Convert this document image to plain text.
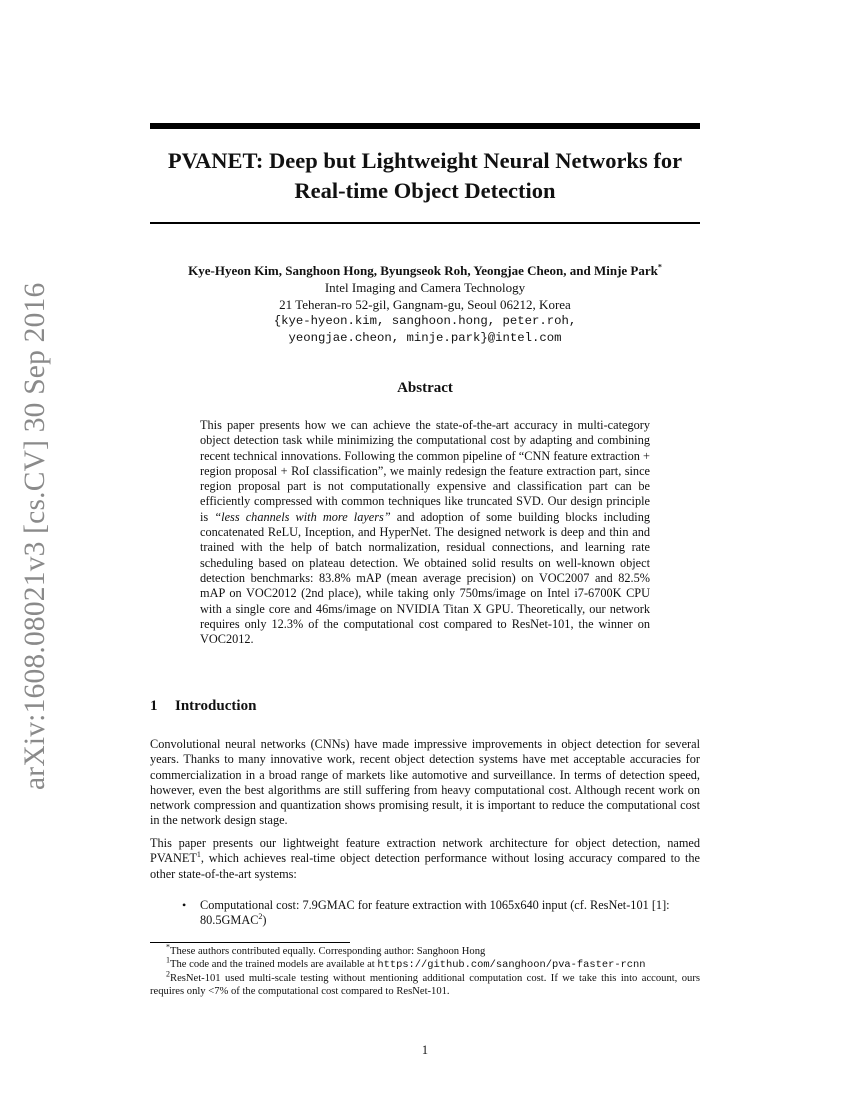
arXiv:1608.08021v3 [cs.CV] 30 Sep 2016
PVANET: Deep but Lightweight Neural Networks for
Real-time Object Detection
Kye-Hyeon Kim, Sanghoon Hong, Byungseok Roh, Yeongjae Cheon, and Minje Park*
Intel Imaging and Camera Technology
21 Teheran-ro 52-gil, Gangnam-gu, Seoul 06212, Korea
{kye-hyeon.kim, sanghoon.hong, peter.roh,
yeongjae.cheon, minje.park}@intel.com
Abstract
This paper presents how we can achieve the state-of-the-art accuracy in multi-category object detection task while minimizing the computational cost by adapting and combining recent technical innovations. Following the common pipeline of “CNN feature extraction + region proposal + RoI classification”, we mainly redesign the feature extraction part, since region proposal part is not computationally expensive and classification part can be efficiently compressed with common techniques like truncated SVD. Our design principle is “less channels with more layers” and adoption of some building blocks including concatenated ReLU, Inception, and HyperNet. The designed network is deep and thin and trained with the help of batch normalization, residual connections, and learning rate scheduling based on plateau detection. We obtained solid results on well-known object detection benchmarks: 83.8% mAP (mean average precision) on VOC2007 and 82.5% mAP on VOC2012 (2nd place), while taking only 750ms/image on Intel i7-6700K CPU with a single core and 46ms/image on NVIDIA Titan X GPU. Theoretically, our network requires only 12.3% of the computational cost compared to ResNet-101, the winner on VOC2012.
1 Introduction
Convolutional neural networks (CNNs) have made impressive improvements in object detection for several years. Thanks to many innovative work, recent object detection systems have met acceptable accuracies for commercialization in a broad range of markets like automotive and surveillance. In terms of detection speed, however, even the best algorithms are still suffering from heavy computational cost. Although recent work on network compression and quantization shows promising result, it is important to reduce the computational cost in the network design stage.
This paper presents our lightweight feature extraction network architecture for object detection, named PVANET$^1$, which achieves real-time object detection performance without losing accuracy compared to the other state-of-the-art systems:
• Computational cost: 7.9GMAC for feature extraction with 1065x640 input (cf. ResNet-101 [1]: 80.5GMAC$^2$)
*These authors contributed equally. Corresponding author: Sanghoon Hong
$^1$The code and the trained models are available at https://github.com/sanghoon/pva-faster-rcnn
$^2$ResNet-101 used multi-scale testing without mentioning additional computation cost. If we take this into account, ours requires only <7% of the computational cost compared to ResNet-101.
1
